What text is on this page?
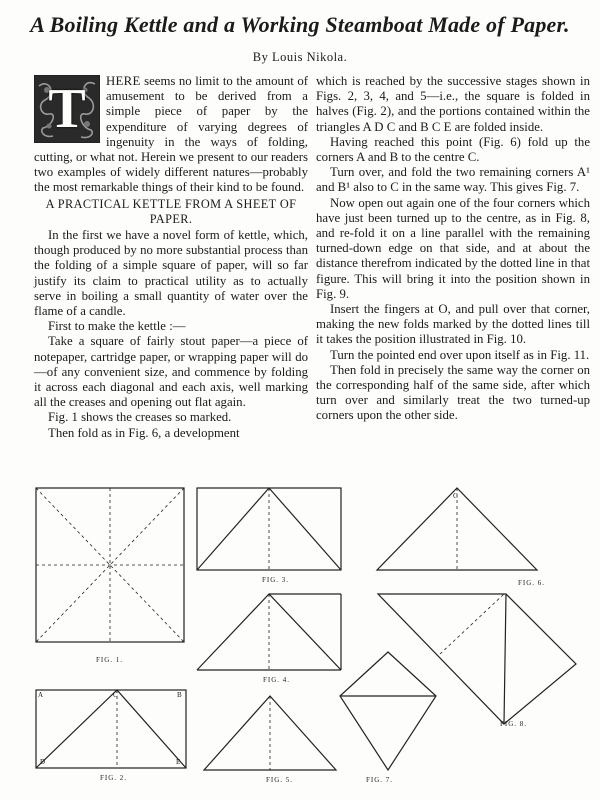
A Boiling Kettle and a Working Steamboat Made of Paper.
By Louis Nikola.

T	HERE seems no limit to the amount of amusement to be derived from a simple piece of paper by the expenditure of varying degrees of ingenuity in the ways of folding, cutting, or what not. Herein we present to our readers two examples of widely different natures—probably the most remarkable things of their kind to be found.

A PRACTICAL KETTLE FROM A SHEET OF PAPER.

In the first we have a novel form of kettle, which, though produced by no more substantial process than the folding of a simple square of paper, will so far justify its claim to practical utility as to actually serve in boiling a small quantity of water over the flame of a candle.

First to make the kettle :—

Take a square of fairly stout paper—a piece of notepaper, cartridge paper, or wrapping paper will do—of any convenient size, and commence by folding it across each diagonal and each axis, well marking all the creases and opening out flat again.

Fig. 1 shows the creases so marked.

Then fold as in Fig. 6, a development

which is reached by the successive stages shown in Figs. 2, 3, 4, and 5—i.e., the square is folded in halves (Fig. 2), and the portions contained within the triangles A D C and B C E are folded inside.

Having reached this point (Fig. 6) fold up the corners A and B to the centre C.

Turn over, and fold the two remaining corners A¹ and B¹ also to C in the same way. This gives Fig. 7.

Now open out again one of the four corners which have just been turned up to the centre, as in Fig. 8, and re-fold it on a line parallel with the remaining turned-down edge on that side, and at about the distance therefrom indicated by the dotted line in that figure. This will bring it into the position shown in Fig. 9.

Insert the fingers at O, and pull over that corner, making the new folds marked by the dotted lines till it takes the position illustrated in Fig. 10.

Turn the pointed end over upon itself as in Fig. 11.

Then fold in precisely the same way the corner on the corresponding half of the same side, after which turn over and similarly treat the two turned-up corners upon the other side.

FIG. 1.
FIG. 3.	FIG. 6.
FIG. 4.
FIG. 8.
FIG. 2.	FIG. 5.	FIG. 7.
A	B
C
D	E
C
